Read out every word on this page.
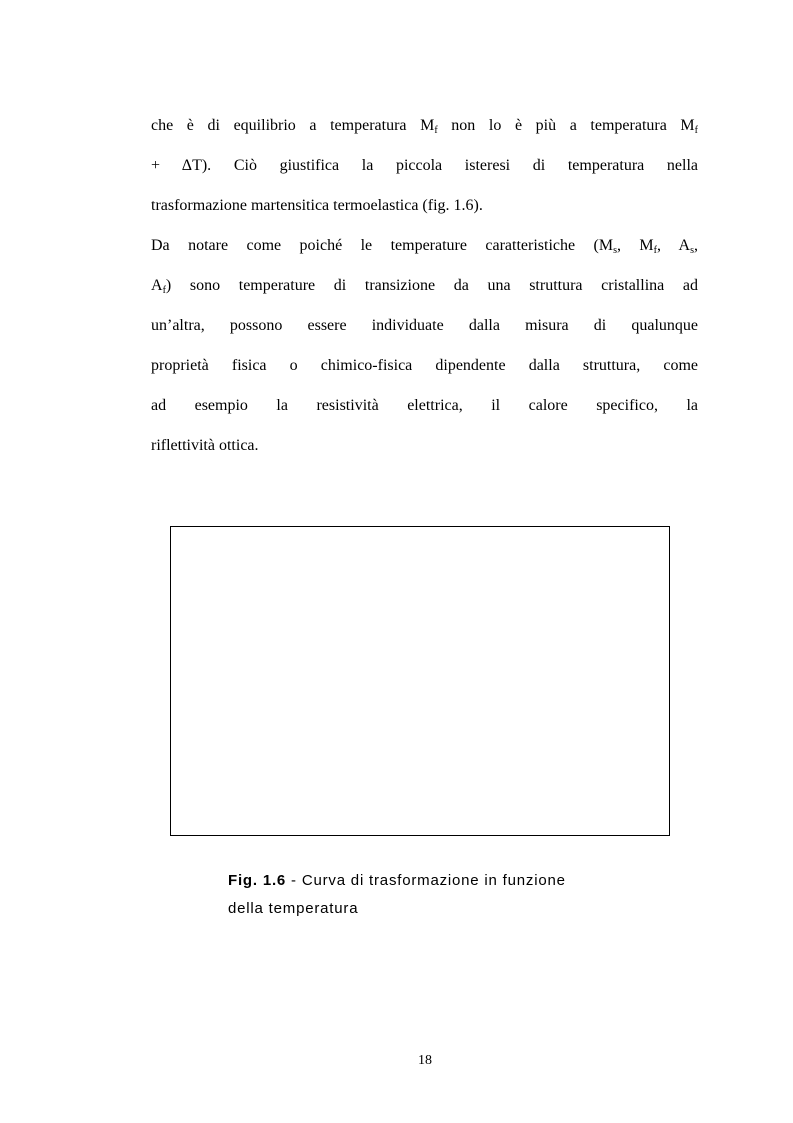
che è di equilibrio a temperatura $M_f$ non lo è più a temperatura $M_f$
+ ΔT). Ciò giustifica la piccola isteresi di temperatura nella
trasformazione martensitica termoelastica (fig. 1.6).
Da notare come poiché le temperature caratteristiche ($M_s$, $M_f$, $A_s$,
$A_f$) sono temperature di transizione da una struttura cristallina ad
un’altra, possono essere individuate dalla misura di qualunque
proprietà fisica o chimico-fisica dipendente dalla struttura, come
ad esempio la resistività elettrica, il calore specifico, la
riflettività ottica.
Fig. 1.6 - Curva di trasformazione in funzione
della temperatura
18
